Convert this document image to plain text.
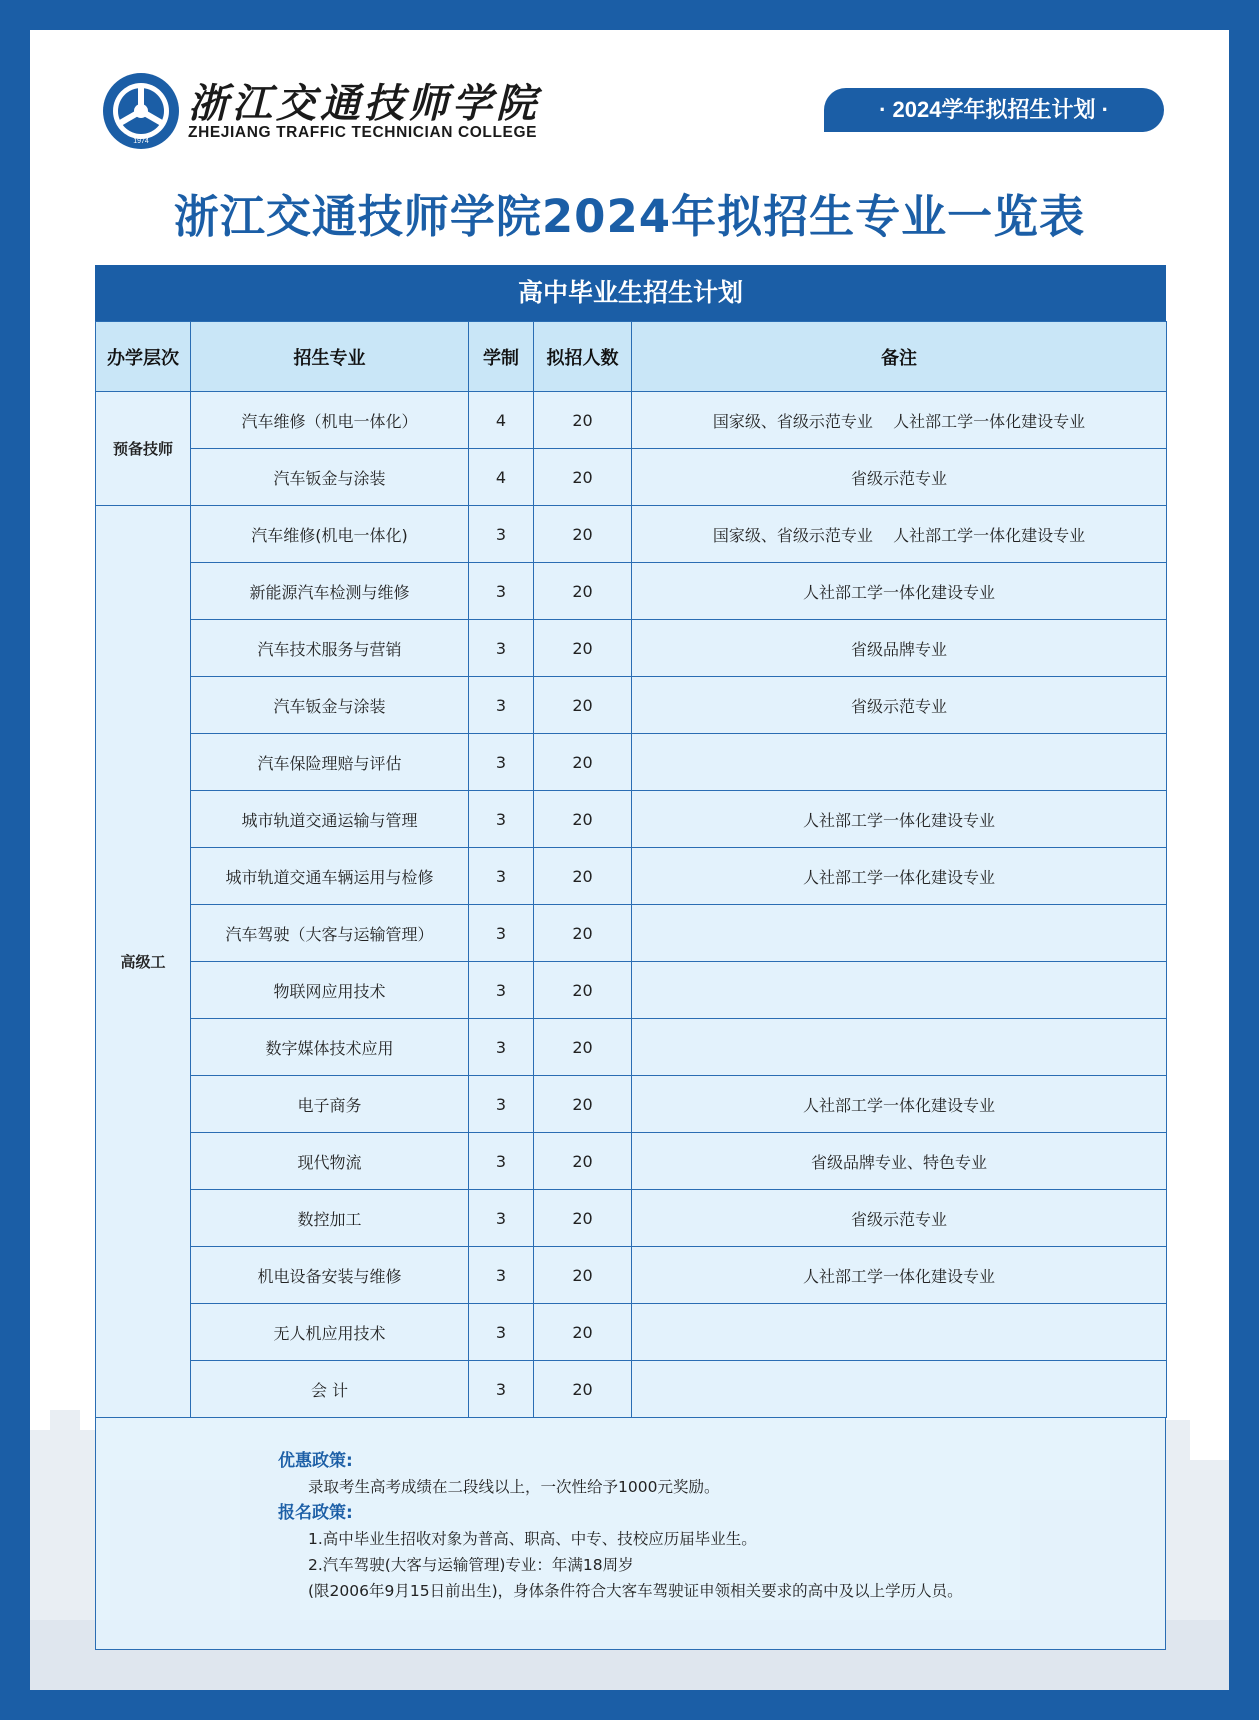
1974
浙江交通技师学院
ZHEJIANG TRAFFIC TECHNICIAN COLLEGE
· 2024学年拟招生计划 ·
浙江交通技师学院2024年拟招生专业一览表
高中毕业生招生计划
办学层次	招生专业	学制	拟招人数	备注
预备技师	汽车维修（机电一体化）	4	20	国家级、省级示范专业    人社部工学一体化建设专业
	汽车钣金与涂装	4	20	省级示范专业
高级工	汽车维修(机电一体化)	3	20	国家级、省级示范专业    人社部工学一体化建设专业
	新能源汽车检测与维修	3	20	人社部工学一体化建设专业
	汽车技术服务与营销	3	20	省级品牌专业
	汽车钣金与涂装	3	20	省级示范专业
	汽车保险理赔与评估	3	20	
	城市轨道交通运输与管理	3	20	人社部工学一体化建设专业
	城市轨道交通车辆运用与检修	3	20	人社部工学一体化建设专业
	汽车驾驶（大客与运输管理）	3	20	
	物联网应用技术	3	20	
	数字媒体技术应用	3	20	
	电子商务	3	20	人社部工学一体化建设专业
	现代物流	3	20	省级品牌专业、特色专业
	数控加工	3	20	省级示范专业
	机电设备安装与维修	3	20	人社部工学一体化建设专业
	无人机应用技术	3	20	
	会 计	3	20	
优惠政策:
录取考生高考成绩在二段线以上，一次性给予1000元奖励。
报名政策:
1.高中毕业生招收对象为普高、职高、中专、技校应历届毕业生。
2.汽车驾驶(大客与运输管理)专业：年满18周岁
(限2006年9月15日前出生)，身体条件符合大客车驾驶证申领相关要求的高中及以上学历人员。
